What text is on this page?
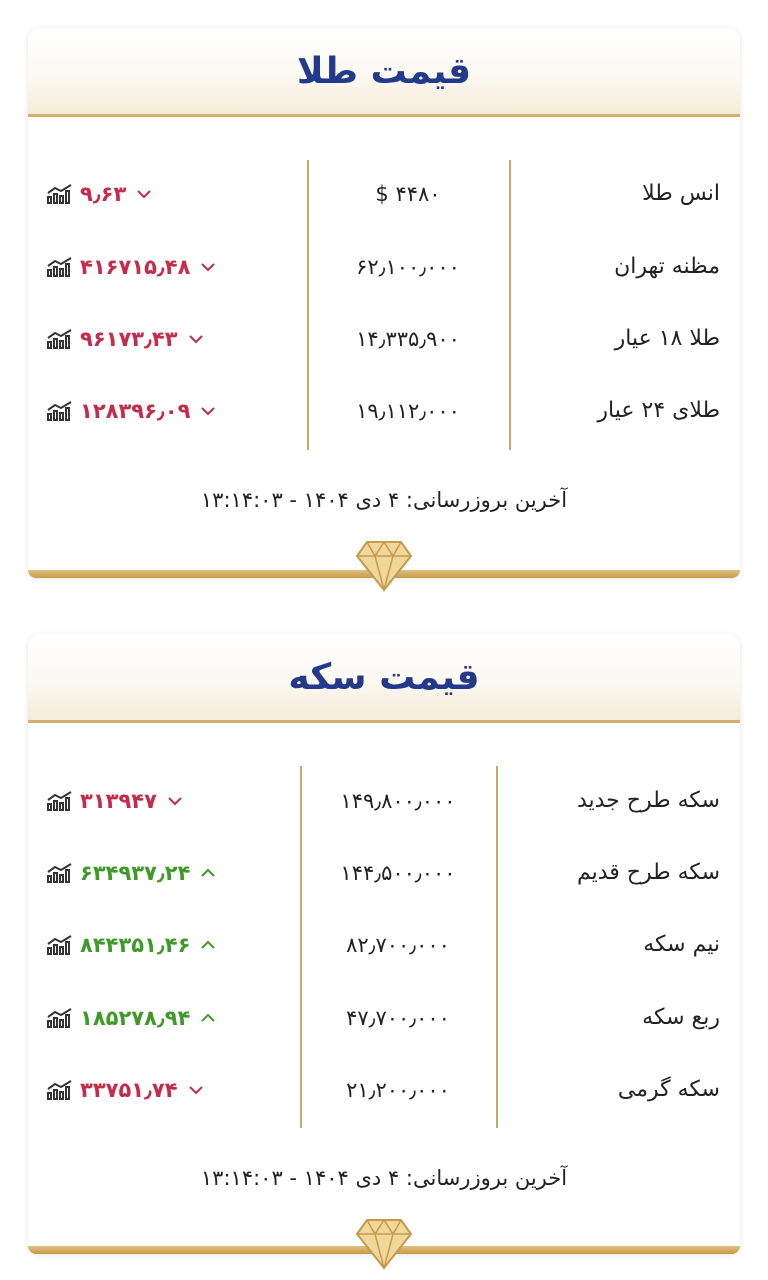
قیمت طلا
انس طلا
$ ۴۴۸۰
۹٫۶۳
مظنه تهران
۶۲٫۱۰۰٫۰۰۰
۴۱۶۷۱۵٫۴۸
طلا ۱۸ عیار
۱۴٫۳۳۵٫۹۰۰
۹۶۱۷۳٫۴۳
طلای ۲۴ عیار
۱۹٫۱۱۲٫۰۰۰
۱۲۸۳۹۶٫۰۹
آخرین بروزرسانی: ۴ دی ۱۴۰۴ - ۱۳:۱۴:۰۳
قیمت سکه
سکه طرح جدید
۱۴۹٫۸۰۰٫۰۰۰
۳۱۳۹۴۷
سکه طرح قدیم
۱۴۴٫۵۰۰٫۰۰۰
۶۳۴۹۳۷٫۲۴
نیم سکه
۸۲٫۷۰۰٫۰۰۰
۸۴۴۳۵۱٫۴۶
ربع سکه
۴۷٫۷۰۰٫۰۰۰
۱۸۵۲۷۸٫۹۴
سکه گرمی
۲۱٫۲۰۰٫۰۰۰
۳۳۷۵۱٫۷۴
آخرین بروزرسانی: ۴ دی ۱۴۰۴ - ۱۳:۱۴:۰۳
